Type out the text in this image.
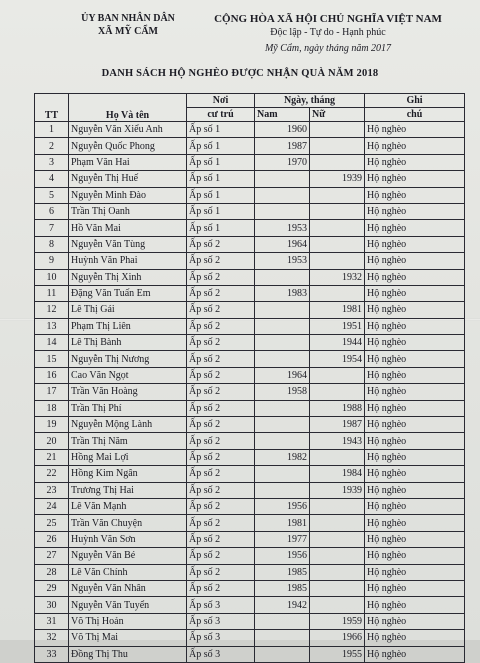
ỦY BAN NHÂN DÂN
XÃ MỸ CẨM
CỘNG HÒA XÃ HỘI CHỦ NGHĨA VIỆT NAM
Độc lập - Tự do - Hạnh phúc
Mỹ Cẩm, ngày tháng năm 2017
DANH SÁCH HỘ NGHÈO ĐƯỢC NHẬN QUÀ NĂM 2018
TT	Họ Và tên	Nơi	Ngày, tháng		Ghi
		cư trú	Nam	Nữ	chú
1	Nguyễn Văn Xiểu Anh	Ấp số 1	1960		Hộ nghèo
2	Nguyễn Quốc Phong	Ấp số 1	1987		Hộ nghèo
3	Phạm Văn Hai	Ấp số 1	1970		Hộ nghèo
4	Nguyễn Thị Huế	Ấp số 1		1939	Hộ nghèo
5	Nguyễn Minh Đào	Ấp số 1			Hộ nghèo
6	Trần Thị Oanh	Ấp số 1			Hộ nghèo
7	Hồ Văn Mai	Ấp số 1	1953		Hộ nghèo
8	Nguyễn Văn Tùng	Ấp số 2	1964		Hộ nghèo
9	Huỳnh Văn Phai	Ấp số 2	1953		Hộ nghèo
10	Nguyễn Thị Xinh	Ấp số 2		1932	Hộ nghèo
11	Đặng Văn Tuấn Em	Ấp số 2	1983		Hộ nghèo
12	Lê Thị Gái	Ấp số 2		1981	Hộ nghèo
13	Phạm Thị Liên	Ấp số 2		1951	Hộ nghèo
14	Lê Thị Bành	Ấp số 2		1944	Hộ nghèo
15	Nguyễn Thị Nương	Ấp số 2		1954	Hộ nghèo
16	Cao Văn Ngọt	Ấp số 2	1964		Hộ nghèo
17	Trần Văn Hoàng	Ấp số 2	1958		Hộ nghèo
18	Trần Thị Phí	Ấp số 2		1988	Hộ nghèo
19	Nguyễn Mộng Lành	Ấp số 2		1987	Hộ nghèo
20	Trần Thị Năm	Ấp số 2		1943	Hộ nghèo
21	Hồng Mai Lợi	Ấp số 2	1982		Hộ nghèo
22	Hồng Kim Ngân	Ấp số 2		1984	Hộ nghèo
23	Trương Thị Hai	Ấp số 2		1939	Hộ nghèo
24	Lê Văn Mạnh	Ấp số 2	1956		Hộ nghèo
25	Trần Văn Chuyện	Ấp số 2	1981		Hộ nghèo
26	Huỳnh Văn Sơn	Ấp số 2	1977		Hộ nghèo
27	Nguyễn Văn Bé	Ấp số 2	1956		Hộ nghèo
28	Lê Văn Chính	Ấp số 2	1985		Hộ nghèo
29	Nguyễn Văn Nhân	Ấp số 2	1985		Hộ nghèo
30	Nguyễn Văn Tuyển	Ấp số 3	1942		Hộ nghèo
31	Võ Thị Hoản	Ấp số 3		1959	Hộ nghèo
32	Võ Thị Mai	Ấp số 3		1966	Hộ nghèo
33	Đồng Thị Thu	Ấp số 3		1955	Hộ nghèo
